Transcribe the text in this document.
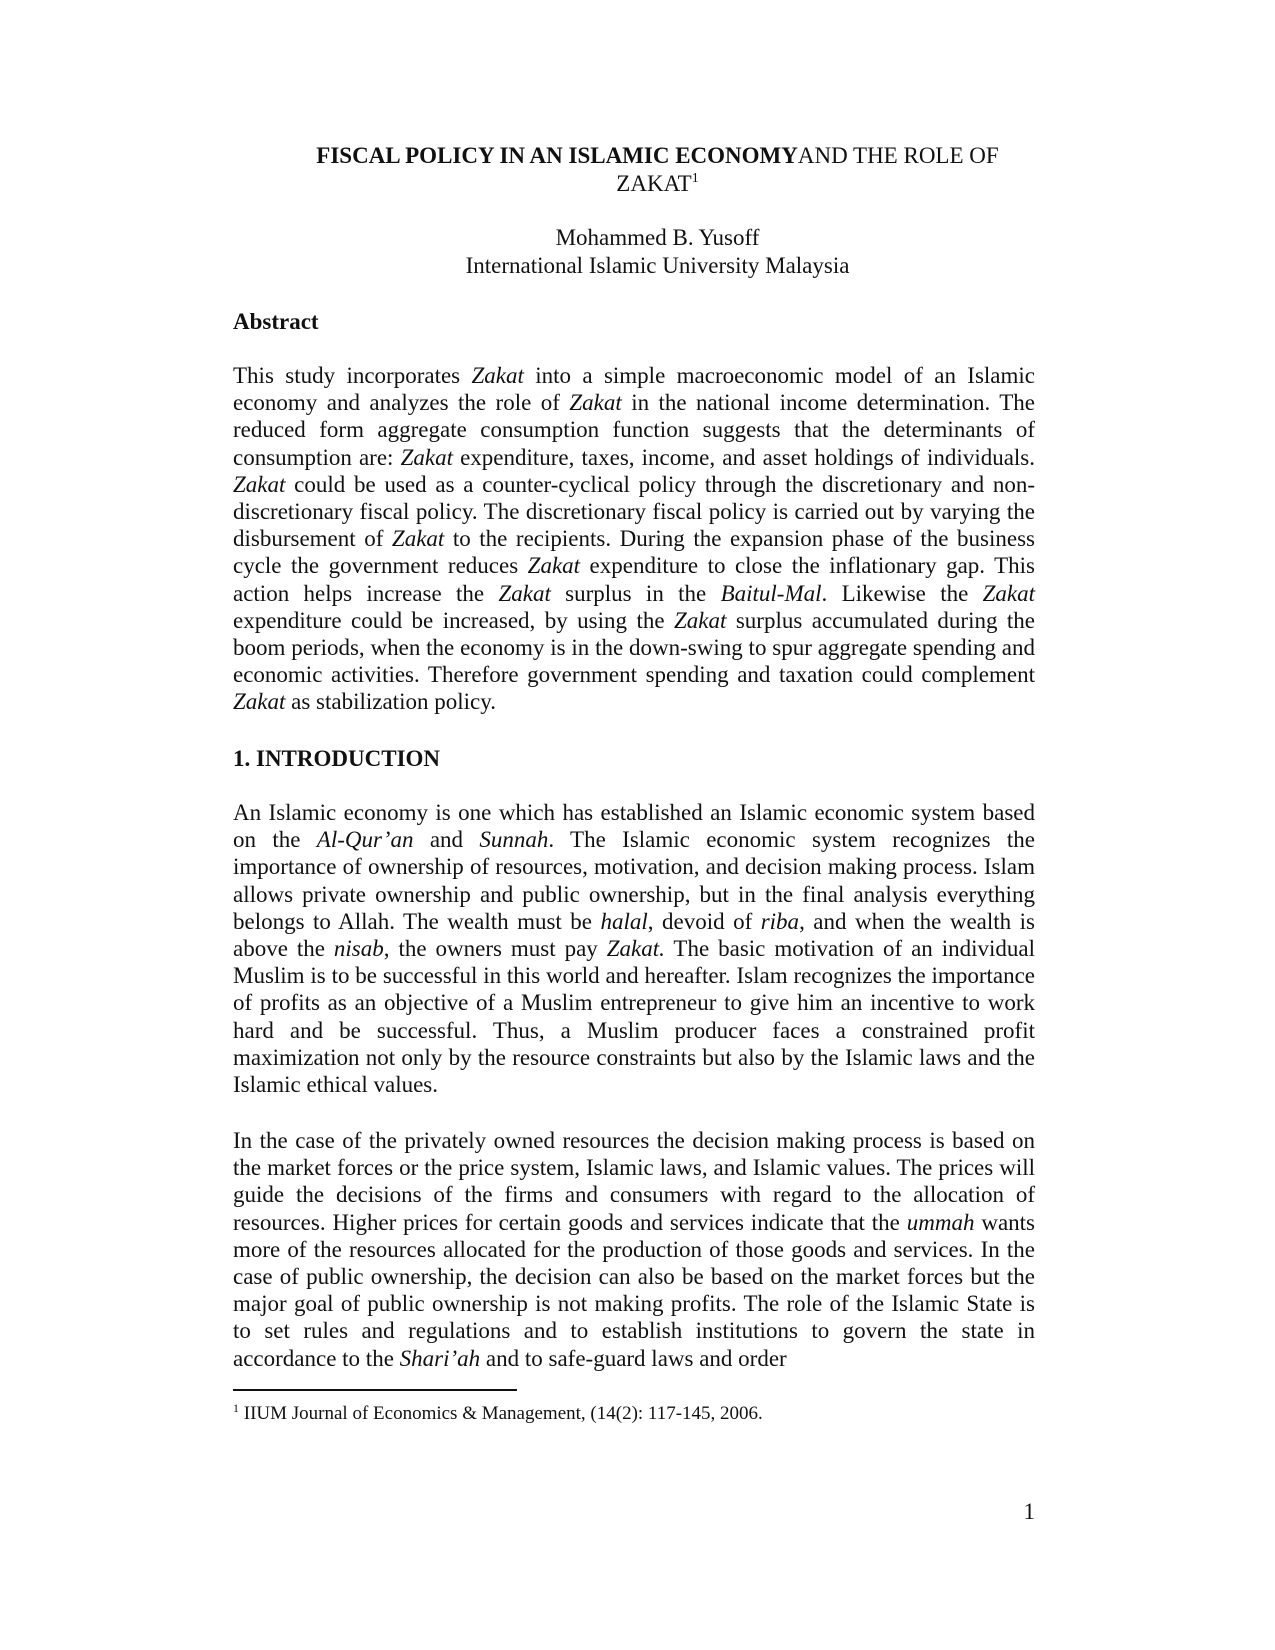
FISCAL POLICY IN AN ISLAMIC ECONOMYAND THE ROLE OF
ZAKAT$^1$
Mohammed B. Yusoff
International Islamic University Malaysia
Abstract

This study incorporates Zakat into a simple macroeconomic model of an Islamic economy and analyzes the role of Zakat in the national income determination. The reduced form aggregate consumption function suggests that the determinants of consumption are: Zakat expenditure, taxes, income, and asset holdings of individuals. Zakat could be used as a counter-cyclical policy through the discretionary and non-discretionary fiscal policy. The discretionary fiscal policy is carried out by varying the disbursement of Zakat to the recipients. During the expansion phase of the business cycle the government reduces Zakat expenditure to close the inflationary gap. This action helps increase the Zakat surplus in the Baitul-Mal. Likewise the Zakat expenditure could be increased, by using the Zakat surplus accumulated during the boom periods, when the economy is in the down-swing to spur aggregate spending and economic activities. Therefore government spending and taxation could complement Zakat as stabilization policy.

1. INTRODUCTION

An Islamic economy is one which has established an Islamic economic system based on the Al-Qur’an and Sunnah. The Islamic economic system recognizes the importance of ownership of resources, motivation, and decision making process. Islam allows private ownership and public ownership, but in the final analysis everything belongs to Allah. The wealth must be halal, devoid of riba, and when the wealth is above the nisab, the owners must pay Zakat. The basic motivation of an individual Muslim is to be successful in this world and hereafter. Islam recognizes the importance of profits as an objective of a Muslim entrepreneur to give him an incentive to work hard and be successful. Thus, a Muslim producer faces a constrained profit maximization not only by the resource constraints but also by the Islamic laws and the Islamic ethical values.

In the case of the privately owned resources the decision making process is based on the market forces or the price system, Islamic laws, and Islamic values. The prices will guide the decisions of the firms and consumers with regard to the allocation of resources. Higher prices for certain goods and services indicate that the ummah wants more of the resources allocated for the production of those goods and services. In the case of public ownership, the decision can also be based on the market forces but the major goal of public ownership is not making profits. The role of the Islamic State is to set rules and regulations and to establish institutions to govern the state in accordance to the Shari’ah and to safe-guard laws and order

$^1$ IIUM Journal of Economics & Management, (14(2): 117-145, 2006.
1
